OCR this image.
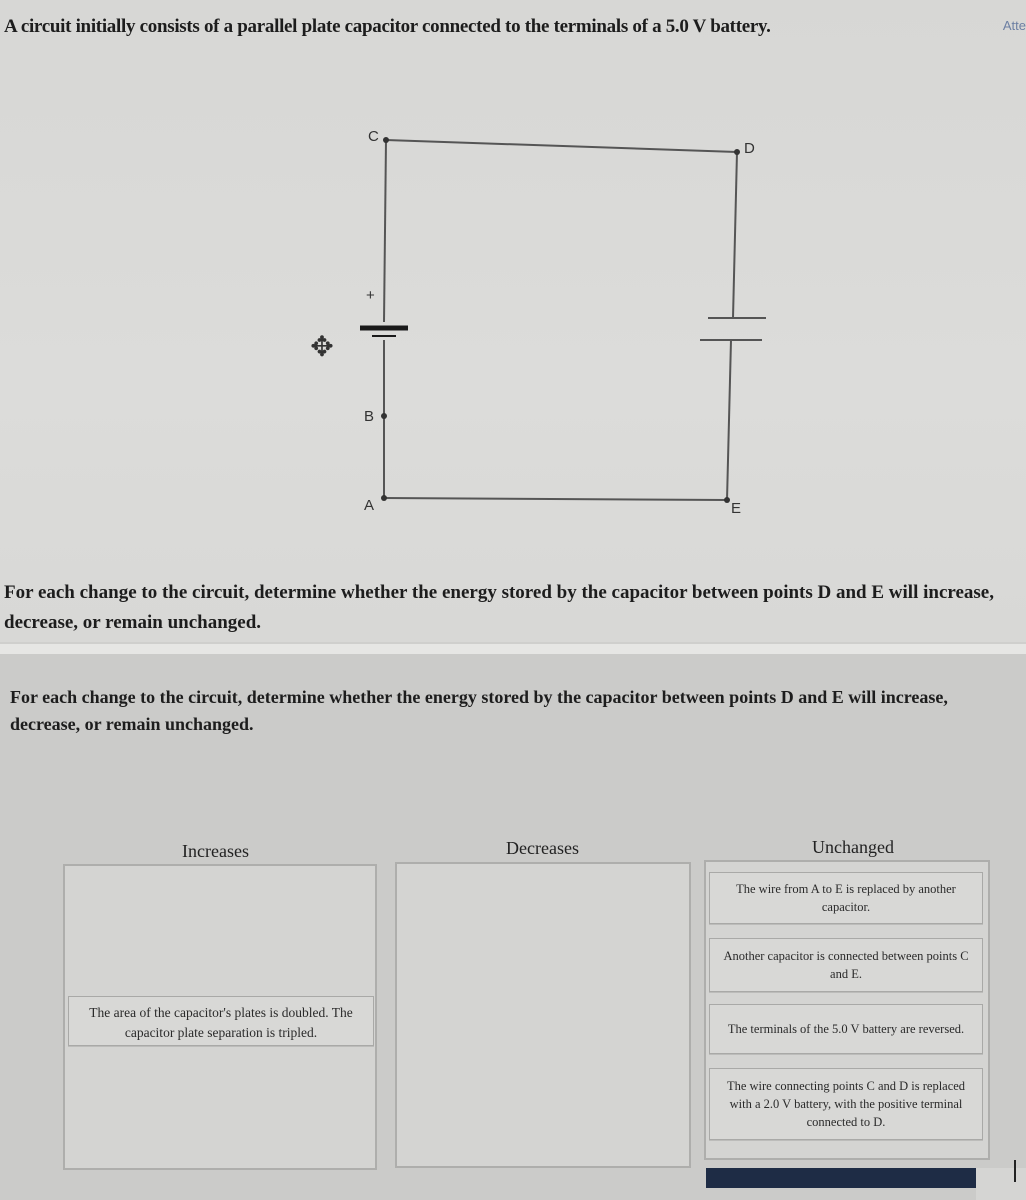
A circuit initially consists of a parallel plate capacitor connected to the terminals of a 5.0 V battery.	Atte
C
D
+
B
A	E
✥
For each change to the circuit, determine whether the energy stored by the capacitor between points D and E will increase, decrease, or remain unchanged.
For each change to the circuit, determine whether the energy stored by the capacitor between points D and E will increase, decrease, or remain unchanged.
Increases	Decreases	Unchanged
The area of the capacitor's plates is doubled. The capacitor plate separation is tripled.
The wire from A to E is replaced by another capacitor.
Another capacitor is connected between points C and E.
The terminals of the 5.0 V battery are reversed.
The wire connecting points C and D is replaced with a 2.0 V battery, with the positive terminal connected to D.
